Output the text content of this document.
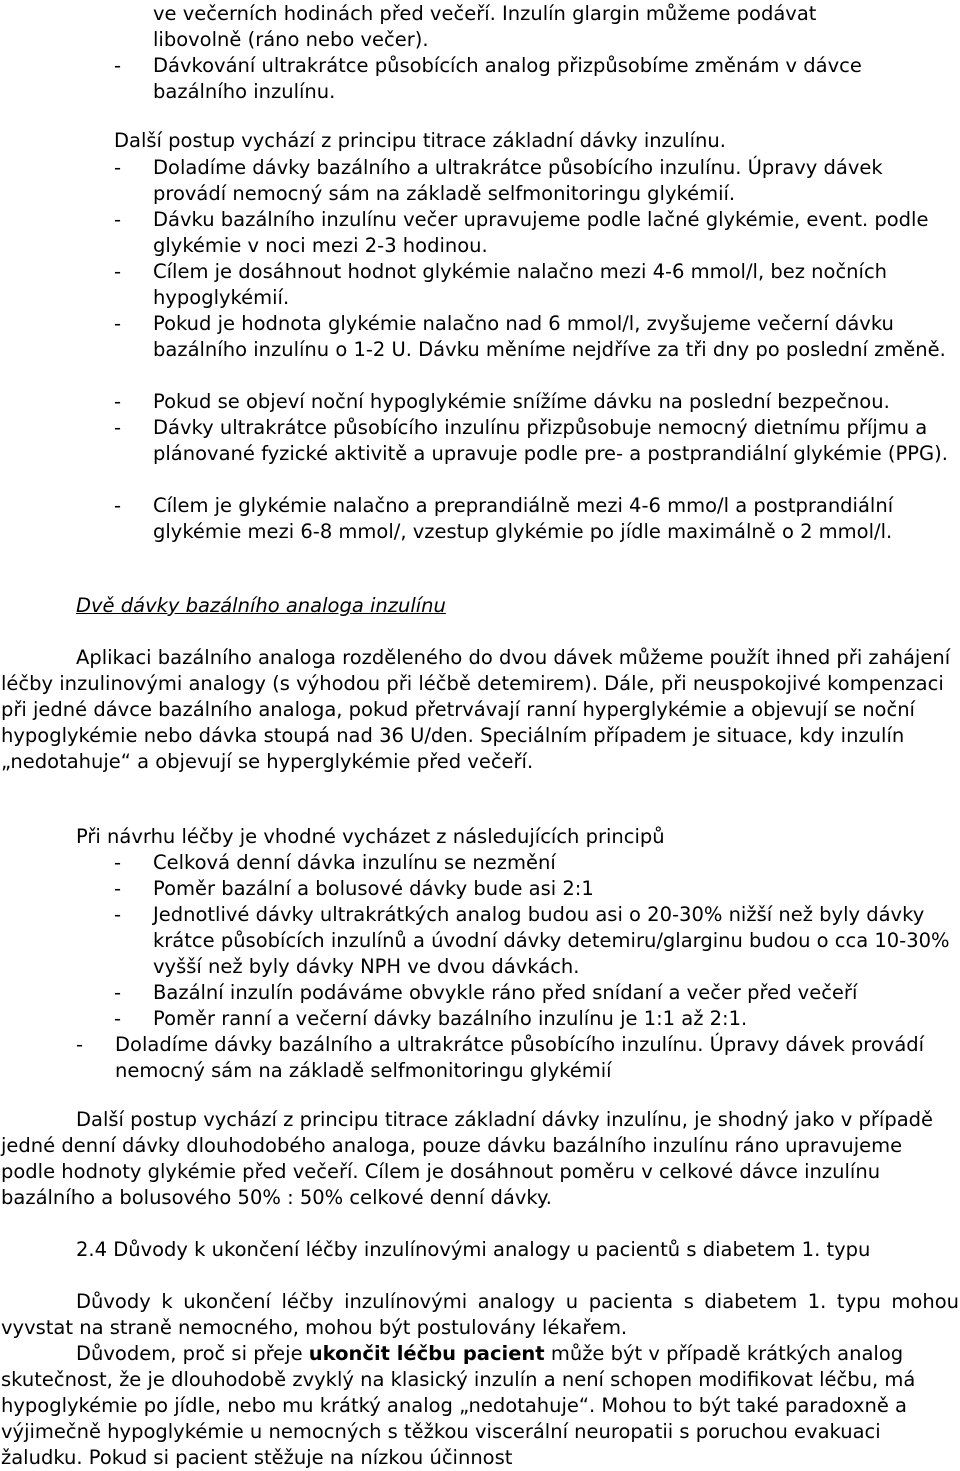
ve večerních hodinách před večeří. Inzulín glargin můžeme podávat
libovolně (ráno nebo večer).
-	Dávkování ultrakrátce působících analog přizpůsobíme změnám v dávce bazálního inzulínu.

Další postup vychází z principu titrace základní dávky inzulínu.

-	Doladíme dávky bazálního a ultrakrátce působícího inzulínu. Úpravy dávek provádí nemocný sám na základě selfmonitoringu glykémií.
-	Dávku bazálního inzulínu večer upravujeme podle lačné glykémie, event. podle glykémie v noci mezi 2-3 hodinou.
-	Cílem je dosáhnout hodnot glykémie nalačno mezi 4-6 mmol/l, bez nočních hypoglykémií.
-	Pokud je hodnota glykémie nalačno nad 6 mmol/l, zvyšujeme večerní dávku bazálního inzulínu o 1-2 U. Dávku měníme nejdříve za tři dny po poslední změně.
-	Pokud se objeví noční hypoglykémie snížíme dávku na poslední bezpečnou.
-	Dávky ultrakrátce působícího inzulínu přizpůsobuje nemocný dietnímu příjmu a plánované fyzické aktivitě a upravuje podle pre- a postprandiální glykémie (PPG).
-	Cílem je glykémie nalačno a preprandiálně mezi 4-6 mmo/l a postprandiální glykémie mezi 6-8 mmol/, vzestup glykémie po jídle maximálně o 2 mmol/l.

Dvě dávky bazálního analoga inzulínu

Aplikaci bazálního analoga rozděleného do dvou dávek můžeme použít ihned při zahájení léčby inzulinovými analogy (s výhodou při léčbě detemirem). Dále, při neuspokojivé kompenzaci při jedné dávce bazálního analoga, pokud přetrvávají ranní hyperglykémie a objevují se noční hypoglykémie nebo dávka stoupá nad 36 U/den. Speciálním případem je situace, kdy inzulín „nedotahuje“ a objevují se hyperglykémie před večeří.

Při návrhu léčby je vhodné vycházet z následujících principů

-	Celková denní dávka inzulínu se nezmění
-	Poměr bazální a bolusové dávky bude asi 2:1
-	Jednotlivé dávky ultrakrátkých analog budou asi o 20-30% nižší než byly dávky krátce působících inzulínů a úvodní dávky detemiru/glarginu budou o cca 10-30% vyšší než byly dávky NPH ve dvou dávkách.
-	Bazální inzulín podáváme obvykle ráno před snídaní a večer před večeří
-	Poměr ranní a večerní dávky bazálního inzulínu je 1:1 až 2:1.
-	Doladíme dávky bazálního a ultrakrátce působícího inzulínu. Úpravy dávek provádí nemocný sám na základě selfmonitoringu glykémií

Další postup vychází z principu titrace základní dávky inzulínu, je shodný jako v případě jedné denní dávky dlouhodobého analoga, pouze dávku bazálního inzulínu ráno upravujeme podle hodnoty glykémie před večeří. Cílem je dosáhnout poměru v celkové dávce inzulínu bazálního a bolusového 50% : 50% celkové denní dávky.

2.4 Důvody k ukončení léčby inzulínovými analogy u pacientů s diabetem 1. typu

Důvody k ukončení léčby inzulínovými analogy u pacienta s diabetem 1. typu mohou vyvstat na straně nemocného, mohou být postulovány lékařem.

Důvodem, proč si přeje ukončit léčbu pacient může být v případě krátkých analog skutečnost, že je dlouhodobě zvyklý na klasický inzulín a není schopen modifikovat léčbu, má hypoglykémie po jídle, nebo mu krátký analog „nedotahuje“. Mohou to být také paradoxně a výjimečně hypoglykémie u nemocných s těžkou viscerální neuropatii s poruchou evakuaci žaludku. Pokud si pacient stěžuje na nízkou účinnost
